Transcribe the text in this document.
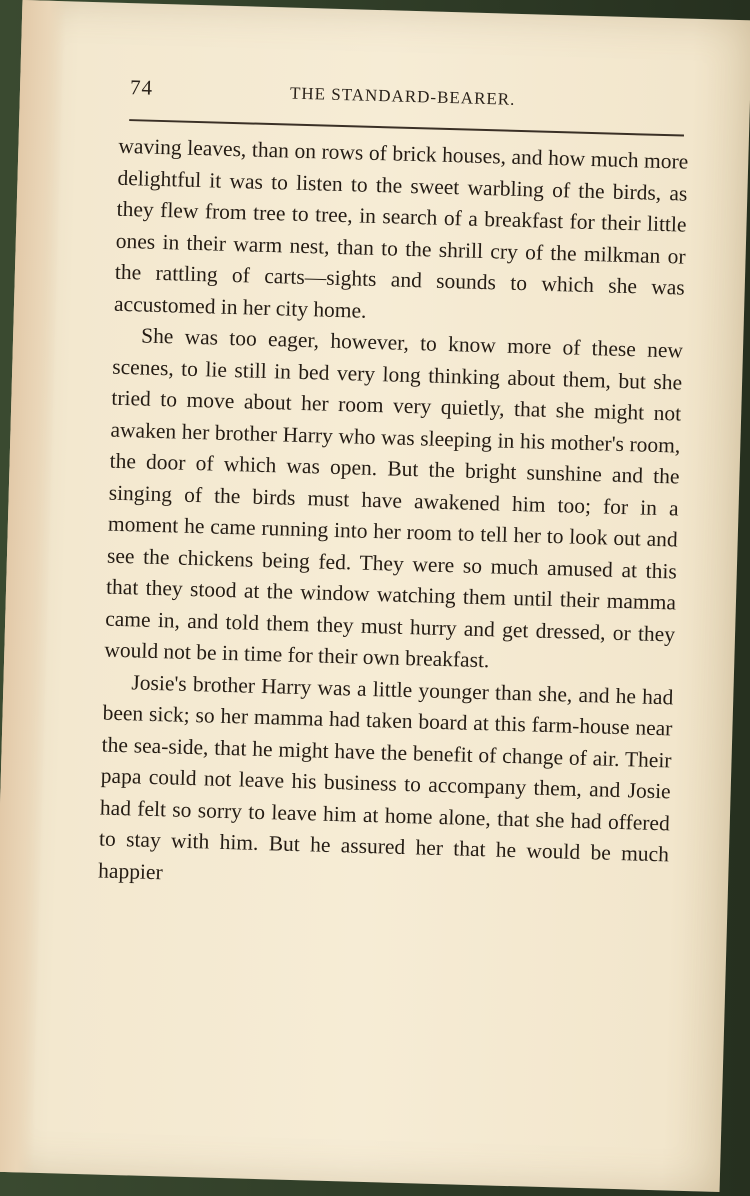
74	THE STANDARD-BEARER.

waving leaves, than on rows of brick houses, and how much more delightful it was to listen to the sweet warbling of the birds, as they flew from tree to tree, in search of a breakfast for their little ones in their warm nest, than to the shrill cry of the milkman or the rattling of carts—sights and sounds to which she was accustomed in her city home.

She was too eager, however, to know more of these new scenes, to lie still in bed very long thinking about them, but she tried to move about her room very quietly, that she might not awaken her brother Harry who was sleeping in his mother's room, the door of which was open. But the bright sunshine and the singing of the birds must have awakened him too; for in a moment he came running into her room to tell her to look out and see the chickens being fed. They were so much amused at this that they stood at the window watching them until their mamma came in, and told them they must hurry and get dressed, or they would not be in time for their own breakfast.

Josie's brother Harry was a little younger than she, and he had been sick; so her mamma had taken board at this farm-house near the sea-side, that he might have the benefit of change of air. Their papa could not leave his business to accompany them, and Josie had felt so sorry to leave him at home alone, that she had offered to stay with him. But he assured her that he would be much happier
